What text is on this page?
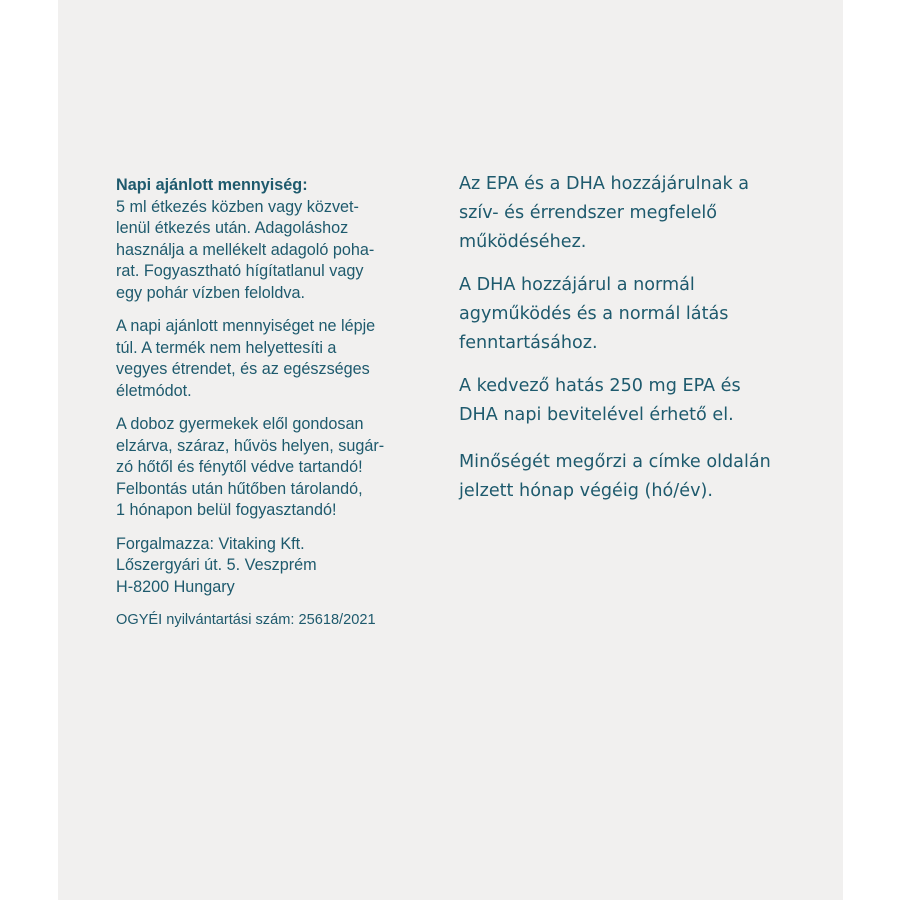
Napi ajánlott mennyiség:
5 ml étkezés közben vagy közvet-
lenül étkezés után. Adagoláshoz
használja a mellékelt adagoló poha-
rat. Fogyasztható hígítatlanul vagy
egy pohár vízben feloldva.
A napi ajánlott mennyiséget ne lépje
túl. A termék nem helyettesíti a
vegyes étrendet, és az egészséges
életmódot.
A doboz gyermekek elől gondosan
elzárva, száraz, hűvös helyen, sugár-
zó hőtől és fénytől védve tartandó!
Felbontás után hűtőben tárolandó,
1 hónapon belül fogyasztandó!
Forgalmazza: Vitaking Kft.
Lőszergyári út. 5. Veszprém
H-8200 Hungary
OGYÉI nyilvántartási szám: 25618/2021
Az EPA és a DHA hozzájárulnak a
szív- és érrendszer megfelelő
működéséhez.
A DHA hozzájárul a normál
agyműködés és a normál látás
fenntartásához.
A kedvező hatás 250 mg EPA és
DHA napi bevitelével érhető el.
Minőségét megőrzi a címke oldalán
jelzett hónap végéig (hó/év).
